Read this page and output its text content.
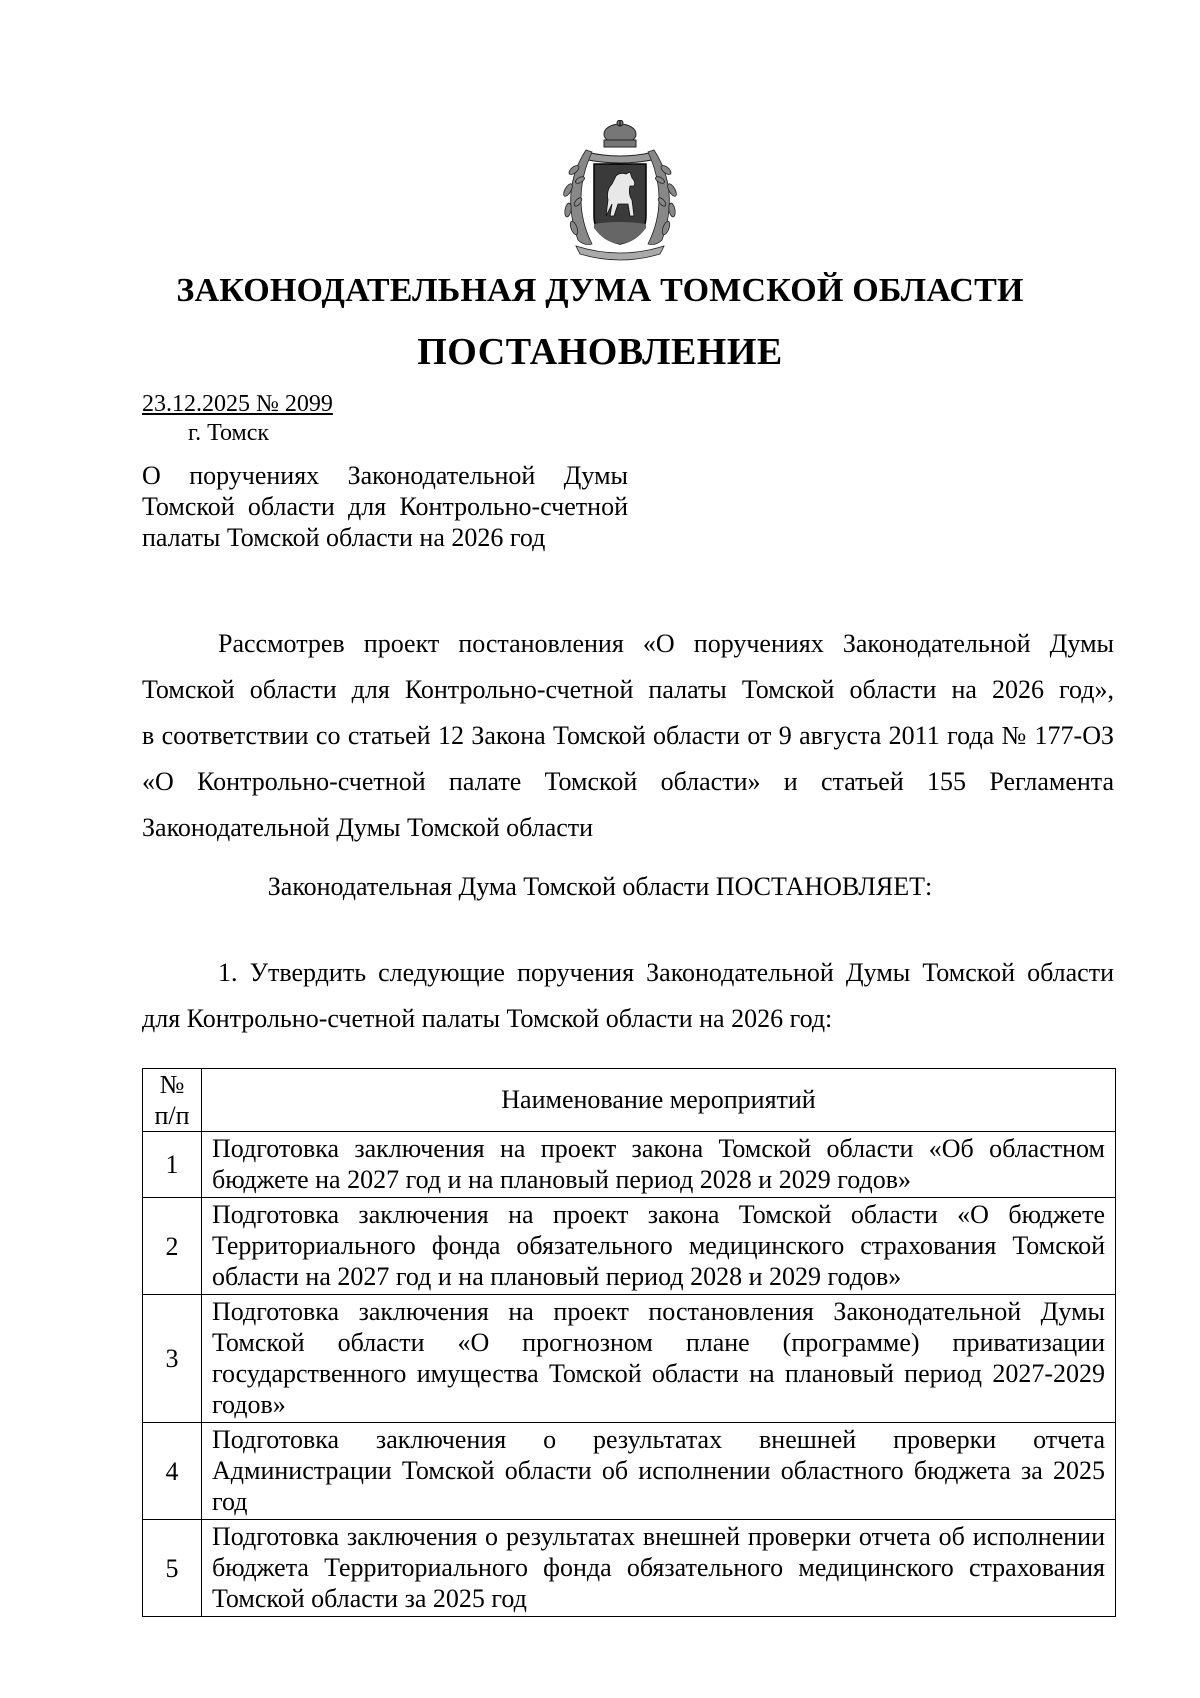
ЗАКОНОДАТЕЛЬНАЯ ДУМА ТОМСКОЙ ОБЛАСТИ
ПОСТАНОВЛЕНИЕ
23.12.2025 № 2099
г. Томск
О поручениях Законодательной Думы
Томской области для Контрольно-счетной
палаты Томской области на 2026 год
Рассмотрев проект постановления «О поручениях Законодательной Думы
Томской области для Контрольно-счетной палаты Томской области на 2026 год»,
в соответствии со статьей 12 Закона Томской области от 9 августа 2011 года № 177-ОЗ
«О Контрольно-счетной палате Томской области» и статьей 155 Регламента
Законодательной Думы Томской области
Законодательная Дума Томской области ПОСТАНОВЛЯЕТ:
1. Утвердить следующие поручения Законодательной Думы Томской области
для Контрольно-счетной палаты Томской области на 2026 год:
№
п/п	Наименование мероприятий
1	Подготовка заключения на проект закона Томской области «Об областном бюджете на 2027 год и на плановый период 2028 и 2029 годов»
2	Подготовка заключения на проект закона Томской области «О бюджете Территориального фонда обязательного медицинского страхования Томской области на 2027 год и на плановый период 2028 и 2029 годов»
3	Подготовка заключения на проект постановления Законодательной Думы Томской области «О прогнозном плане (программе) приватизации государственного имущества Томской области на плановый период 2027-2029 годов»
4	Подготовка заключения о результатах внешней проверки отчета Администрации Томской области об исполнении областного бюджета за 2025 год
5	Подготовка заключения о результатах внешней проверки отчета об исполнении бюджета Территориального фонда обязательного медицинского страхования Томской области за 2025 год
